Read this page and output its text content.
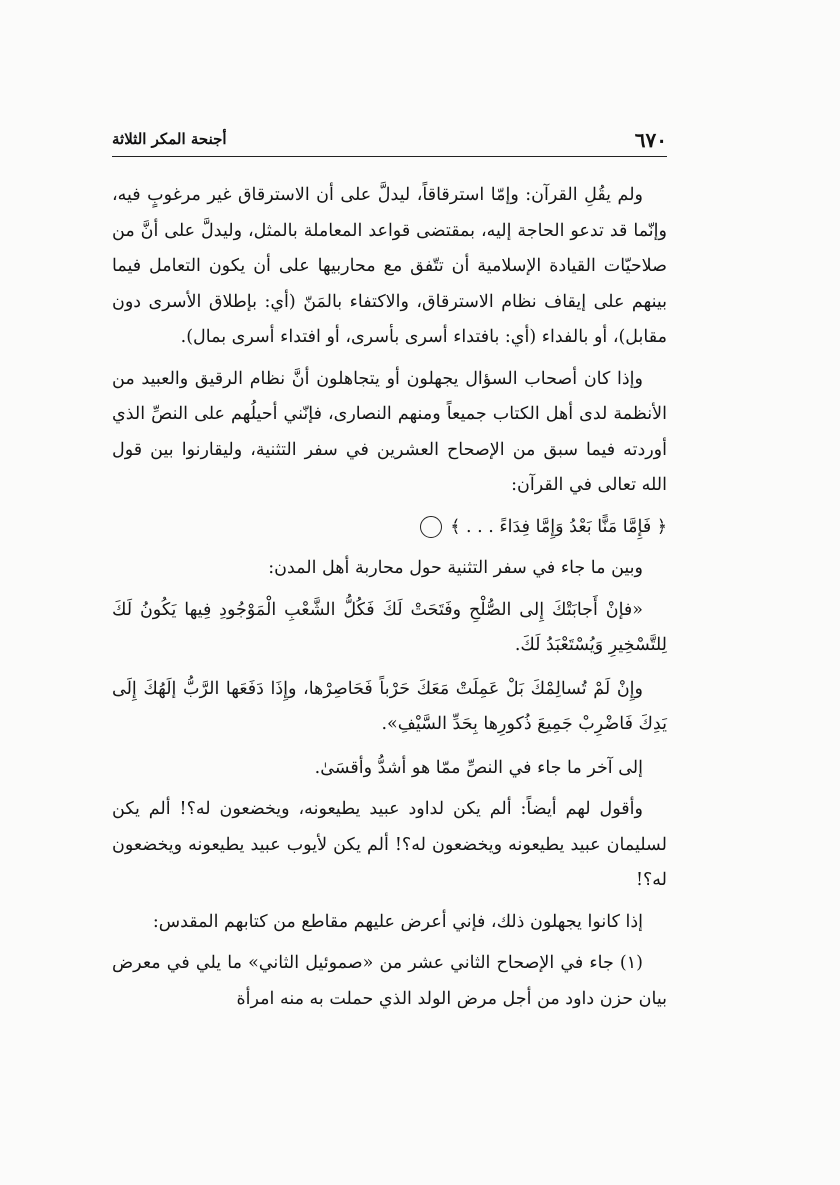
٦٧٠
أجنحة المكر الثلاثة

ولم يقُلِ القرآن: وإمّا استرقاقاً، ليدلَّ على أن الاسترقاق غير مرغوبٍ فيه، وإنّما قد تدعو الحاجة إليه، بمقتضى قواعد المعاملة بالمثل، وليدلَّ على أنَّ من صلاحيّات القيادة الإسلامية أن تتّفق مع محاربيها على أن يكون التعامل فيما بينهم على إيقاف نظام الاسترقاق، والاكتفاء بالمَنّ (أي: بإطلاق الأسرى دون مقابل)، أو بالفداء (أي: بافتداء أسرى بأسرى، أو افتداء أسرى بمال).

وإذا كان أصحاب السؤال يجهلون أو يتجاهلون أنَّ نظام الرقيق والعبيد من الأنظمة لدى أهل الكتاب جميعاً ومنهم النصارى، فإنّني أحيلُهم على النصِّ الذي أوردته فيما سبق من الإصحاح العشرين في سفر التثنية، وليقارنوا بين قول الله تعالى في القرآن:

﴿ فَإِمَّا مَنًّا بَعْدُ وَإِمَّا فِدَاءً . . . ﴾

وبين ما جاء في سفر التثنية حول محاربة أهل المدن:

«فإنْ أَجابَتْكَ إِلى الصُّلْحِ وفَتَحَتْ لَكَ فَكُلُّ الشَّعْبِ الْمَوْجُودِ فِيها يَكُونُ لَكَ لِلتَّسْخِيرِ وَيُسْتَعْبَدُ لَكَ.

وإِنْ لَمْ تُسالِمْكَ بَلْ عَمِلَتْ مَعَكَ حَرْباً فَحَاصِرْها، وإِذَا دَفَعَها الرَّبُّ إلَهُكَ إِلَى يَدِكَ فَاضْرِبْ جَمِيعَ ذُكورِها بِحَدِّ السَّيْفِ».

إلى آخر ما جاء في النصِّ ممّا هو أشدُّ وأقسَىٰ.

وأقول لهم أيضاً: ألم يكن لداود عبيد يطيعونه، ويخضعون له؟! ألم يكن لسليمان عبيد يطيعونه ويخضعون له؟! ألم يكن لأيوب عبيد يطيعونه ويخضعون له؟!

إذا كانوا يجهلون ذلك، فإني أعرض عليهم مقاطع من كتابهم المقدس:

(١) جاء في الإصحاح الثاني عشر من «صموئيل الثاني» ما يلي في معرض بيان حزن داود من أجل مرض الولد الذي حملت به منه امرأة
